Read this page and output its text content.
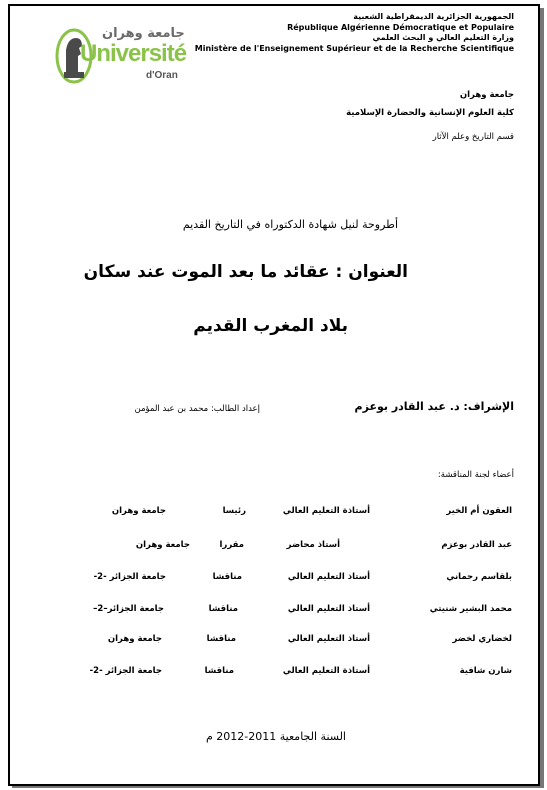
الجمهورية الجزائرية الديمقراطية الشعبية
République Algérienne Démocratique et Populaire
وزارة التعليم العالي و البحث العلمي
Ministère de l'Enseignement Supérieur et de la Recherche Scientifique
جامعة وهران
Université
d'Oran
جامعة وهران
كلية العلوم الإنسانية والحضارة الإسلامية
قسم التاريخ وعلم الآثار
أطروحة لنيل شهادة الدكتوراه في التاريخ القديم
العنوان : عقائد ما بعد الموت عند سكان
بلاد المغرب القديم
الإشراف: د. عبد القادر بوعزم
إعداد الطالب: محمد بن عبد المؤمن
أعضاء لجنة المناقشة:
العقون أم الخير
أستاذة التعليم العالي
رئيسا
جامعة وهران
عبد القادر بوعزم
أستاذ محاضر
مقررا
جامعة وهران
بلقاسم رحماني
أستاذ التعليم العالي
مناقشا
جامعة الجزائر -2-
محمد البشير شنيتي
أستاذ التعليم العالي
مناقشا
جامعة الجزائر–2–
لخضاري لخضر
أستاذ التعليم العالي
مناقشا
جامعة وهران
شارن شافية
أستاذة التعليم العالي
مناقشا
جامعة الجزائر -2-
السنة الجامعية 2011-2012 م
